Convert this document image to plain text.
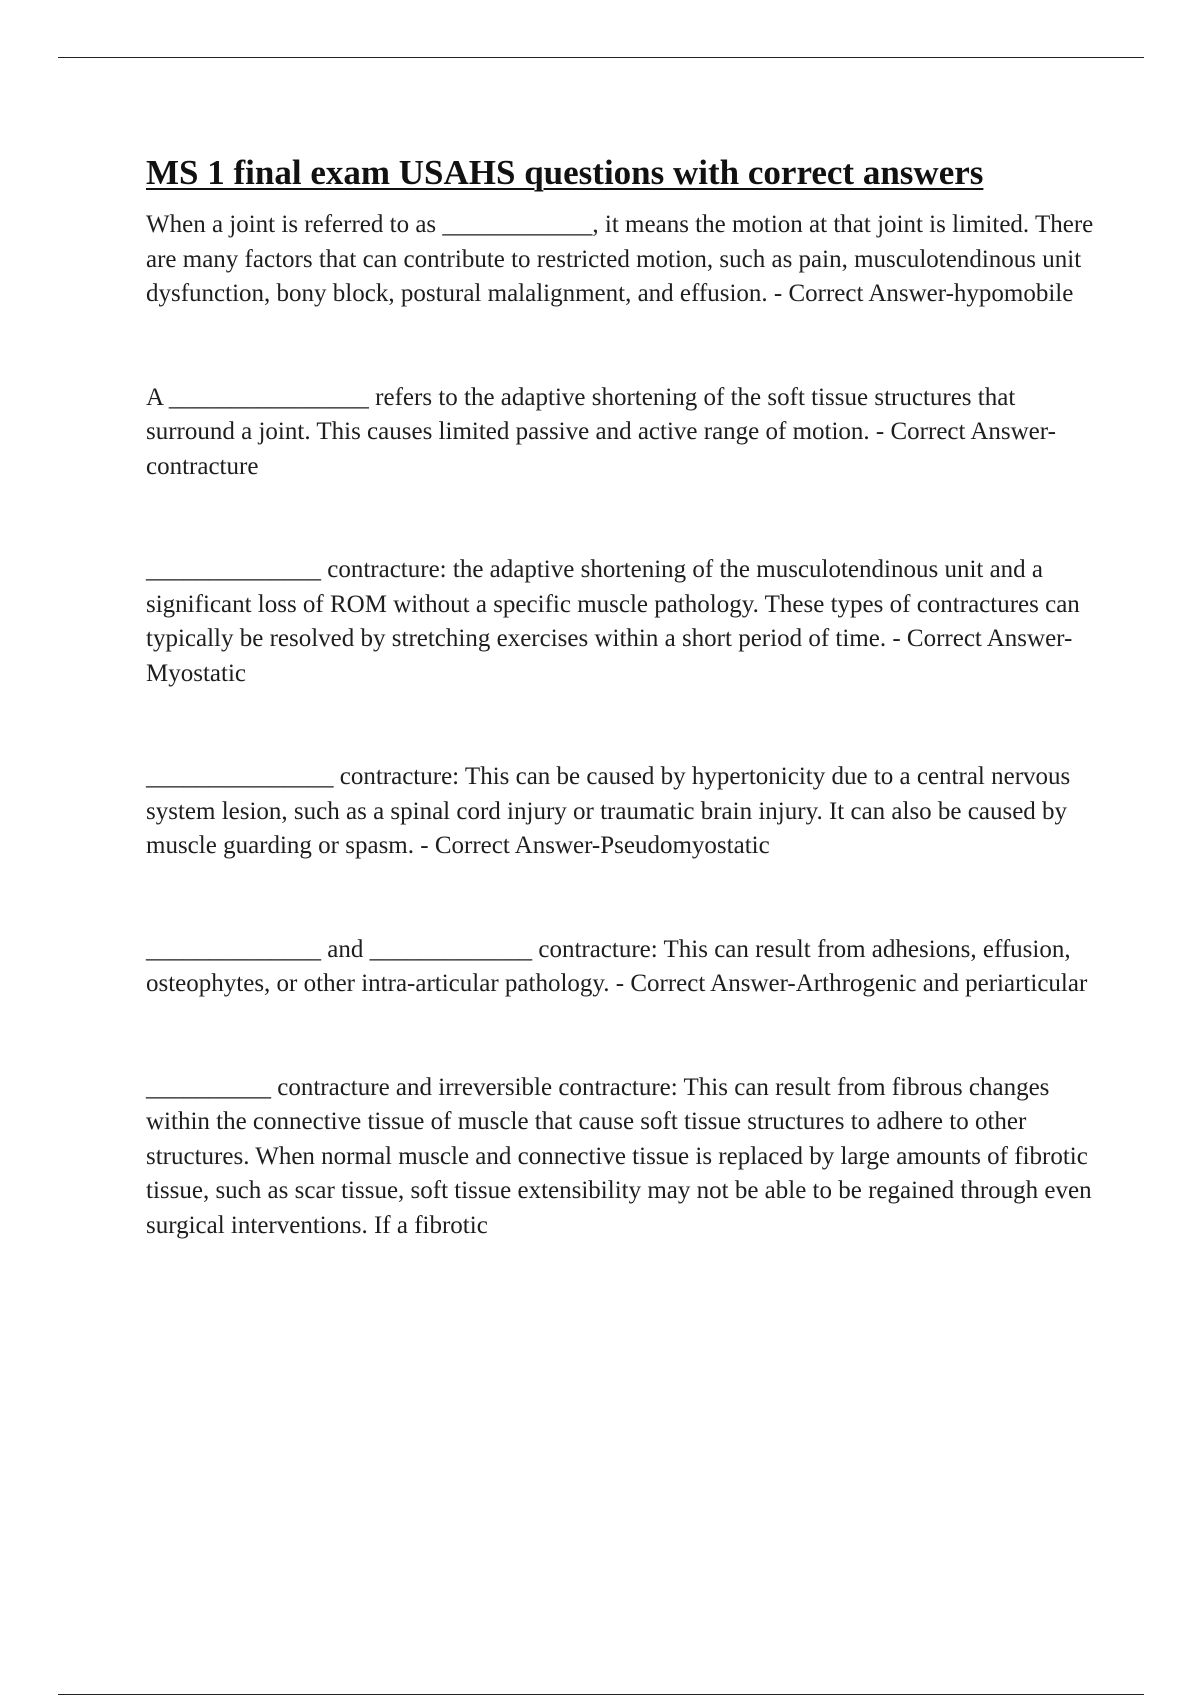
MS 1 final exam USAHS questions with correct answers

When a joint is referred to as ____________, it means the motion at that joint is limited. There are many factors that can contribute to restricted motion, such as pain, musculotendinous unit dysfunction, bony block, postural malalignment, and effusion. - Correct Answer-hypomobile

A ________________ refers to the adaptive shortening of the soft tissue structures that surround a joint. This causes limited passive and active range of motion. - Correct Answer-contracture

______________ contracture: the adaptive shortening of the musculotendinous unit and a significant loss of ROM without a specific muscle pathology. These types of contractures can typically be resolved by stretching exercises within a short period of time. - Correct Answer-Myostatic

_______________ contracture: This can be caused by hypertonicity due to a central nervous system lesion, such as a spinal cord injury or traumatic brain injury. It can also be caused by muscle guarding or spasm. - Correct Answer-Pseudomyostatic

______________ and _____________ contracture: This can result from adhesions, effusion, osteophytes, or other intra-articular pathology. - Correct Answer-Arthrogenic and periarticular

__________ contracture and irreversible contracture: This can result from fibrous changes within the connective tissue of muscle that cause soft tissue structures to adhere to other structures. When normal muscle and connective tissue is replaced by large amounts of fibrotic tissue, such as scar tissue, soft tissue extensibility may not be able to be regained through even surgical interventions. If a fibrotic
